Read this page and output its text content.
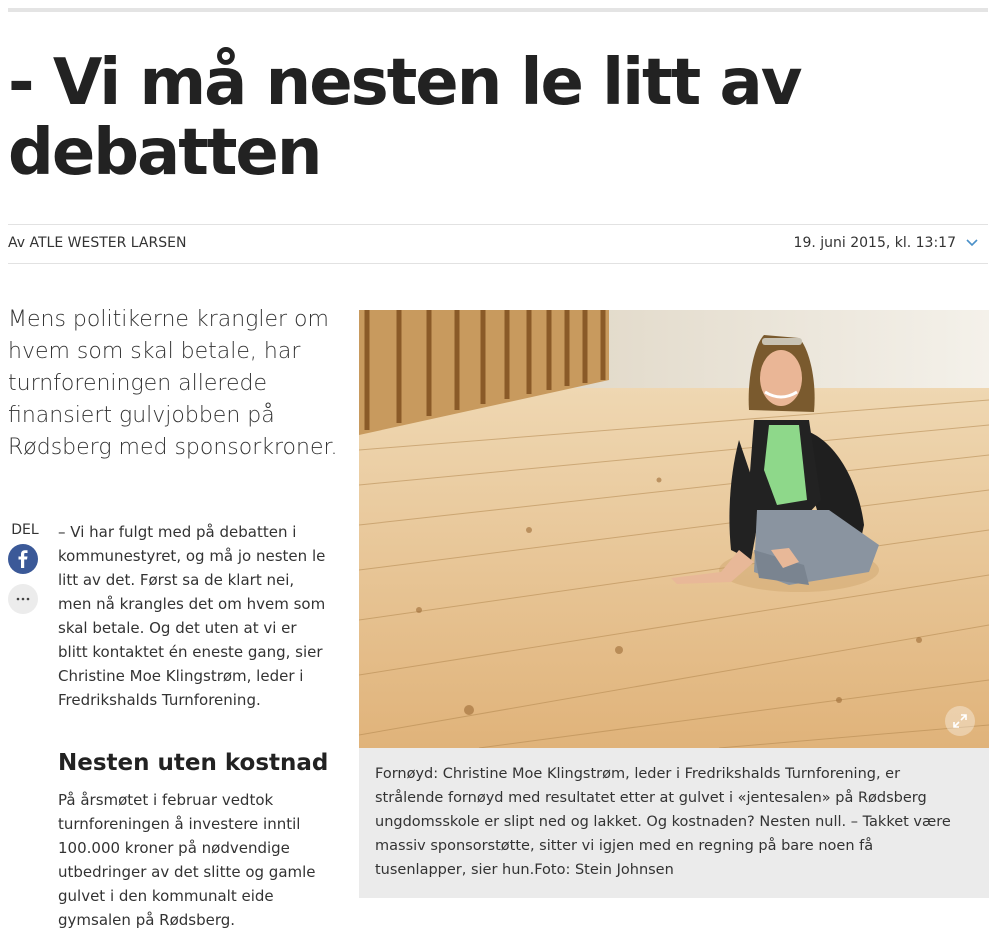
- Vi må nesten le litt av debatten
Av ATLE WESTER LARSEN	19. juni 2015, kl. 13:17

Mens politikerne krangler om hvem som skal betale, har turnforeningen allerede finansiert gulvjobben på Rødsberg med sponsorkroner.

DEL – Vi har fulgt med på debatten i kommunestyret, og må jo nesten le litt av det. Først sa de klart nei, men nå krangles det om hvem som skal betale. Og det uten at vi er blitt kontaktet én eneste gang, sier Christine Moe Klingstrøm, leder i Fredrikshalds Turnforening.

Nesten uten kostnad

På årsmøtet i februar vedtok turnforeningen å investere inntil 100.000 kroner på nødvendige utbedringer av det slitte og gamle gulvet i den kommunalt eide gymsalen på Rødsberg.

Fornøyd: Christine Moe Klingstrøm, leder i Fredrikshalds Turnforening, er strålende fornøyd med resultatet etter at gulvet i «jentesalen» på Rødsberg ungdomsskole er slipt ned og lakket. Og kostnaden? Nesten null. – Takket være massiv sponsorstøtte, sitter vi igjen med en regning på bare noen få tusenlapper, sier hun.Foto: Stein Johnsen
